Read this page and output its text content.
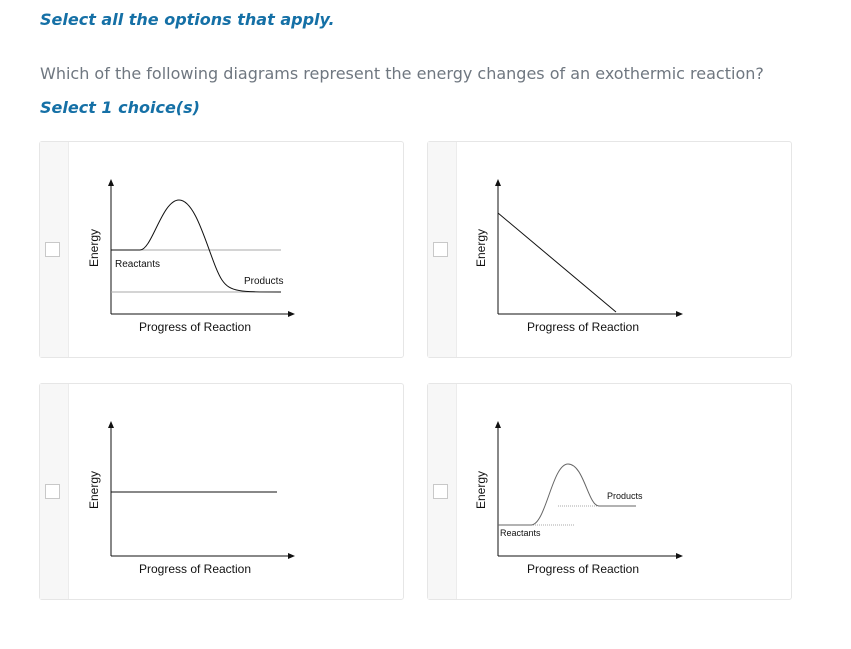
Select all the options that apply.
Which of the following diagrams represent the energy changes of an exothermic reaction?
Select 1 choice(s)
Reactants
Products
Energy
Progress of Reaction
Energy
Progress of Reaction
Energy
Progress of Reaction
Reactants
Products
Energy
Progress of Reaction
